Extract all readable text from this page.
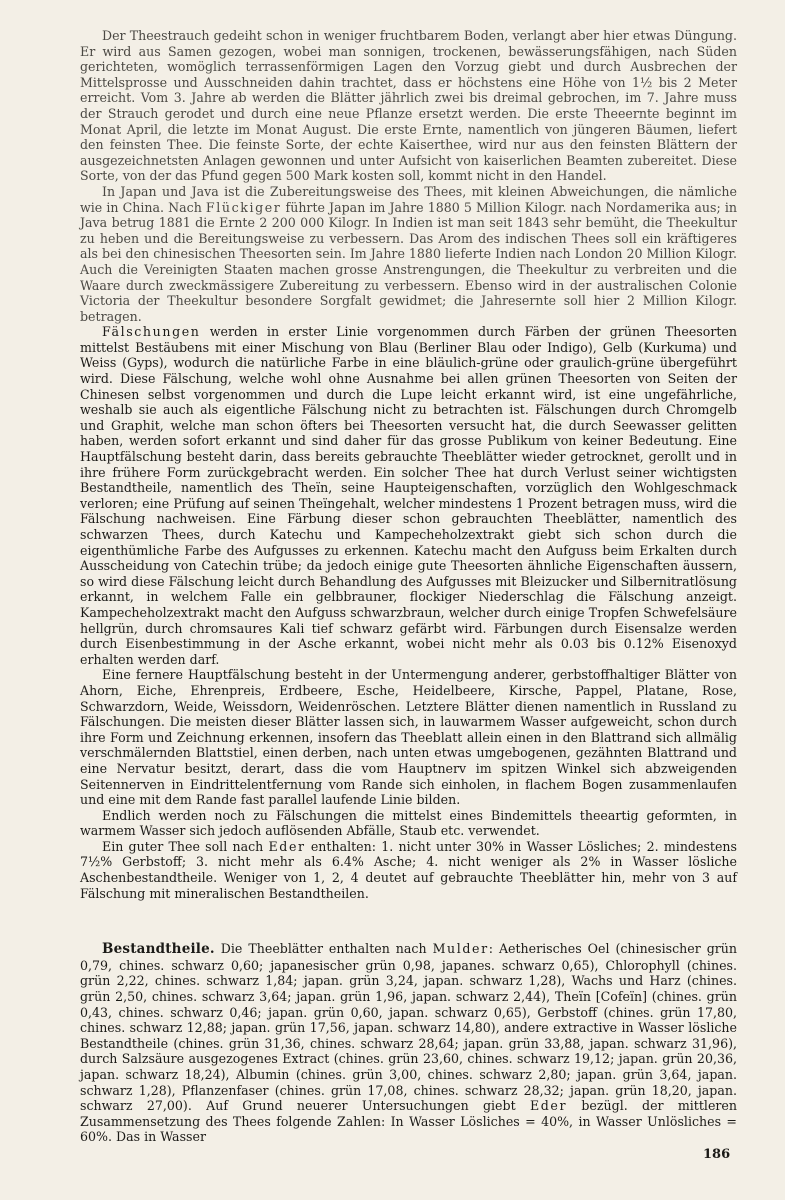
Der Theestrauch gedeiht schon in weniger fruchtbarem Boden, verlangt aber hier etwas Düngung. Er wird aus Samen gezogen, wobei man sonnigen, trockenen, bewässerungsfähigen, nach Süden gerichteten, womöglich terrassenförmigen Lagen den Vorzug giebt und durch Ausbrechen der Mittelsprosse und Ausschneiden dahin trachtet, dass er höchstens eine Höhe von 1½ bis 2 Meter erreicht. Vom 3. Jahre ab werden die Blätter jährlich zwei bis dreimal gebrochen, im 7. Jahre muss der Strauch gerodet und durch eine neue Pflanze ersetzt werden. Die erste Theeernte beginnt im Monat April, die letzte im Monat August. Die erste Ernte, namentlich von jüngeren Bäumen, liefert den feinsten Thee. Die feinste Sorte, der echte Kaiserthee, wird nur aus den feinsten Blättern der ausgezeichnetsten Anlagen gewonnen und unter Aufsicht von kaiserlichen Beamten zubereitet. Diese Sorte, von der das Pfund gegen 500 Mark kosten soll, kommt nicht in den Handel.

In Japan und Java ist die Zubereitungsweise des Thees, mit kleinen Abweichungen, die nämliche wie in China. Nach Flückiger führte Japan im Jahre 1880 5 Million Kilogr. nach Nordamerika aus; in Java betrug 1881 die Ernte 2 200 000 Kilogr. In Indien ist man seit 1843 sehr bemüht, die Theekultur zu heben und die Bereitungsweise zu verbessern. Das Arom des indischen Thees soll ein kräftigeres als bei den chinesischen Theesorten sein. Im Jahre 1880 lieferte Indien nach London 20 Million Kilogr. Auch die Vereinigten Staaten machen grosse Anstrengungen, die Theekultur zu verbreiten und die Waare durch zweckmässigere Zubereitung zu verbessern. Ebenso wird in der australischen Colonie Victoria der Theekultur besondere Sorgfalt gewidmet; die Jahresernte soll hier 2 Million Kilogr. betragen.

Fälschungen werden in erster Linie vorgenommen durch Färben der grünen Theesorten mittelst Bestäubens mit einer Mischung von Blau (Berliner Blau oder Indigo), Gelb (Kurkuma) und Weiss (Gyps), wodurch die natürliche Farbe in eine bläulich-grüne oder graulich-grüne übergeführt wird. Diese Fälschung, welche wohl ohne Ausnahme bei allen grünen Theesorten von Seiten der Chinesen selbst vorgenommen und durch die Lupe leicht erkannt wird, ist eine ungefährliche, weshalb sie auch als eigentliche Fälschung nicht zu betrachten ist. Fälschungen durch Chromgelb und Graphit, welche man schon öfters bei Theesorten versucht hat, die durch Seewasser gelitten haben, werden sofort erkannt und sind daher für das grosse Publikum von keiner Bedeutung. Eine Hauptfälschung besteht darin, dass bereits gebrauchte Theeblätter wieder getrocknet, gerollt und in ihre frühere Form zurückgebracht werden. Ein solcher Thee hat durch Verlust seiner wichtigsten Bestandtheile, namentlich des Theïn, seine Haupteigenschaften, vorzüglich den Wohlgeschmack verloren; eine Prüfung auf seinen Theïngehalt, welcher mindestens 1 Prozent betragen muss, wird die Fälschung nachweisen. Eine Färbung dieser schon gebrauchten Theeblätter, namentlich des schwarzen Thees, durch Katechu und Kampecheholzextrakt giebt sich schon durch die eigenthümliche Farbe des Aufgusses zu erkennen. Katechu macht den Aufguss beim Erkalten durch Ausscheidung von Catechin trübe; da jedoch einige gute Theesorten ähnliche Eigenschaften äussern, so wird diese Fälschung leicht durch Behandlung des Aufgusses mit Bleizucker und Silbernitratlösung erkannt, in welchem Falle ein gelbbrauner, flockiger Niederschlag die Fälschung anzeigt. Kampecheholzextrakt macht den Aufguss schwarzbraun, welcher durch einige Tropfen Schwefelsäure hellgrün, durch chromsaures Kali tief schwarz gefärbt wird. Färbungen durch Eisensalze werden durch Eisenbestimmung in der Asche erkannt, wobei nicht mehr als 0.03 bis 0.12% Eisenoxyd erhalten werden darf.

Eine fernere Hauptfälschung besteht in der Untermengung anderer, gerbstoffhaltiger Blätter von Ahorn, Eiche, Ehrenpreis, Erdbeere, Esche, Heidelbeere, Kirsche, Pappel, Platane, Rose, Schwarzdorn, Weide, Weissdorn, Weidenröschen. Letztere Blätter dienen namentlich in Russland zu Fälschungen. Die meisten dieser Blätter lassen sich, in lauwarmem Wasser aufgeweicht, schon durch ihre Form und Zeichnung erkennen, insofern das Theeblatt allein einen in den Blattrand sich allmälig verschmälernden Blattstiel, einen derben, nach unten etwas umgebogenen, gezähnten Blattrand und eine Nervatur besitzt, derart, dass die vom Hauptnerv im spitzen Winkel sich abzweigenden Seitennerven in Eindrittelentfernung vom Rande sich einholen, in flachem Bogen zusammenlaufen und eine mit dem Rande fast parallel laufende Linie bilden.

Endlich werden noch zu Fälschungen die mittelst eines Bindemittels theeartig geformten, in warmem Wasser sich jedoch auflösenden Abfälle, Staub etc. verwendet.

Ein guter Thee soll nach Eder enthalten: 1. nicht unter 30% in Wasser Lösliches; 2. mindestens 7½% Gerbstoff; 3. nicht mehr als 6.4% Asche; 4. nicht weniger als 2% in Wasser lösliche Aschenbestandtheile. Weniger von 1, 2, 4 deutet auf gebrauchte Theeblätter hin, mehr von 3 auf Fälschung mit mineralischen Bestandtheilen.

Bestandtheile. Die Theeblätter enthalten nach Mulder: Aetherisches Oel (chinesischer grün 0,79, chines. schwarz 0,60; japanesischer grün 0,98, japanes. schwarz 0,65), Chlorophyll (chines. grün 2,22, chines. schwarz 1,84; japan. grün 3,24, japan. schwarz 1,28), Wachs und Harz (chines. grün 2,50, chines. schwarz 3,64; japan. grün 1,96, japan. schwarz 2,44), Theïn [Cofeïn] (chines. grün 0,43, chines. schwarz 0,46; japan. grün 0,60, japan. schwarz 0,65), Gerbstoff (chines. grün 17,80, chines. schwarz 12,88; japan. grün 17,56, japan. schwarz 14,80), andere extractive in Wasser lösliche Bestandtheile (chines. grün 31,36, chines. schwarz 28,64; japan. grün 33,88, japan. schwarz 31,96), durch Salzsäure ausgezogenes Extract (chines. grün 23,60, chines. schwarz 19,12; japan. grün 20,36, japan. schwarz 18,24), Albumin (chines. grün 3,00, chines. schwarz 2,80; japan. grün 3,64, japan. schwarz 1,28), Pflanzenfaser (chines. grün 17,08, chines. schwarz 28,32; japan. grün 18,20, japan. schwarz 27,00). Auf Grund neuerer Untersuchungen giebt Eder bezügl. der mittleren Zusammensetzung des Thees folgende Zahlen: In Wasser Lösliches = 40%, in Wasser Unlösliches = 60%. Das in Wasser

186
